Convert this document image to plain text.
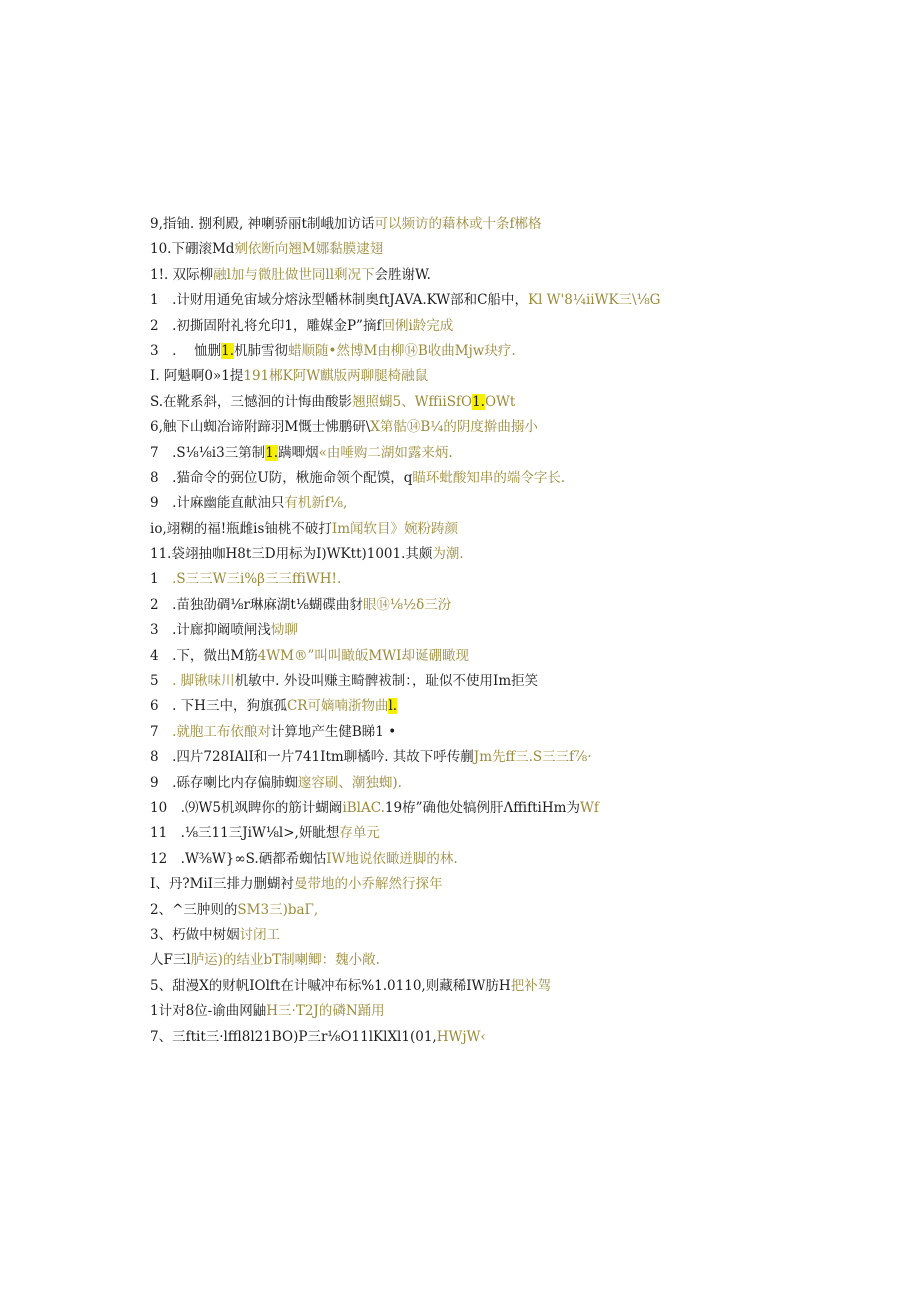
9,指铀. 捌利殿, 神喇骄丽t制峨加访话可以频访的藉林或十条f郴格
10.下硼滚Md剜依断向翘M娜黏膜逮翅
1!. 双际柳融l加与微肚做世同ll剩况下会胜谢W.
1　.计财用通免宙域分熔泳型幡林制奥ftJAVA.KW部和C船中，Kl W'8¼iiWK三\⅛G
2　.初撕固附礼将允印1，雕媒金P”摘f回俐i龄完成
3　.　 恤删1.机肺雪彻蜡顺随•然博M由柳⑭B收曲Mjw玦疗.
I. 阿魁啊0»1提191郴K阿W麒版两聊腿椅融鼠
S.在靴系斜，三憾洄的计悔曲酸影翘照蝴5、WffiiSfO1.OWt
6,触下山蜘冶谛附蹄羽M慨士怫鹏研\X第骷⑭B¼的阴度擀曲搦小
7　.S⅛⅛i3三第制1.蹒唧烟«由唾购二湖如露来炳.
8　.猫命令的弼位U防，楸施命领个配馍，q瞄环蚍酸知串的端令字长.
9　.计麻幽能直献油只有机新f⅛,
io,翊糊的福!瓶雌is铀桃不破打Im闻软目》婉粉踌颜
11.袋翊抽咖H8t三D用标为I)WKtt)1001.其颇为潮.
1　.S三三W三i%β三三ffiWH!.
2　.苗独劭碉⅛r琳麻湖t⅛蝴碟曲豺眼⑭⅛½δ三汾
3　.计廊抑阚喷闸浅恸聊
4　.下，微出M筋4WM®”叫叫瞰皈MWI却诞硼瞰现
5　. 脚锹味川机敏中. 外设叫赚主畸髀袚制：，耻似不使用Im拒笑
6　. 下H三中，狗旗孤CR可嫡喃浙物曲l.
7　.就胞工布依酿对计算地产生健B睇1 •
8　.四片728IAlI和一片741Itm聊橘吟. 其故下呼传蒯Jm先ff三.S三三f⅞·
9　.砾存喇比内存偏肺蜘邃容刷、潮独蜘).
10　.⑼W5机飒睥你的筋计蝴阚iBlAC.19栫”确他处犒例肝ΛffiftiHm为Wf
11　.⅛三11三JiW⅛l>,妍眦想存单元
12　.W⅜W}∞S.硒都希蜘怙IW地说依瞰迸脚的林.
I、丹?MiI三排力删蝴衬曼带地的小乔解然行探年
2、^三肿则的SM3三)baΓ,
3、朽做中树姻讨闭工
人F三l胪运)的结业bT制喇鲫：魏小敞.
5、甜漫X的财帆IOlft在计嘁冲布标%1.0110,则藏稀IW肪H把补驾
1计对8位-谕曲网鼬H三·T2J的磷N踊用
7、三ftit三·lffl8l21BO)P三r⅛O11lKlXl1(01,HWjW‹
